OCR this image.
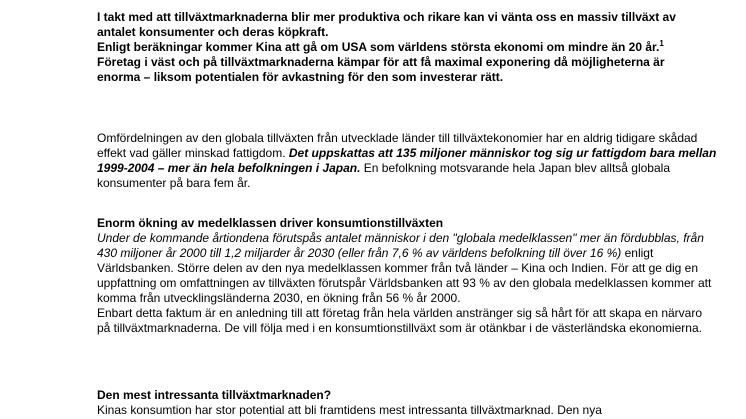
I takt med att tillväxtmarknaderna blir mer produktiva och rikare kan vi vänta oss en massiv tillväxt av antalet konsumenter och deras köpkraft.

Enligt beräkningar kommer Kina att gå om USA som världens största ekonomi om mindre än 20 år.$^1$ Företag i väst och på tillväxtmarknaderna kämpar för att få maximal exponering då möjligheterna är enorma – liksom potentialen för avkastning för den som investerar rätt.

Omfördelningen av den globala tillväxten från utvecklade länder till tillväxtekonomier har en aldrig tidigare skådad effekt vad gäller minskad fattigdom. Det uppskattas att 135 miljoner människor tog sig ur fattigdom bara mellan 1999-2004 – mer än hela befolkningen i Japan. En befolkning motsvarande hela Japan blev alltså globala konsumenter på bara fem år.

Enorm ökning av medelklassen driver konsumtionstillväxten

Under de kommande årtiondena förutspås antalet människor i den "globala medelklassen" mer än fördubblas, från 430 miljoner år 2000 till 1,2 miljarder år 2030 (eller från 7,6 % av världens befolkning till över 16 %) enligt Världsbanken. Större delen av den nya medelklassen kommer från två länder – Kina och Indien. För att ge dig en uppfattning om omfattningen av tillväxten förutspår Världsbanken att 93 % av den globala medelklassen kommer att komma från utvecklingsländerna 2030, en ökning från 56 % år 2000.

Enbart detta faktum är en anledning till att företag från hela världen anstränger sig så hårt för att skapa en närvaro på tillväxtmarknaderna. De vill följa med i en konsumtionstillväxt som är otänkbar i de västerländska ekonomierna.

Den mest intressanta tillväxtmarknaden?

Kinas konsumtion har stor potential att bli framtidens mest intressanta tillväxtmarknad. Den nya
